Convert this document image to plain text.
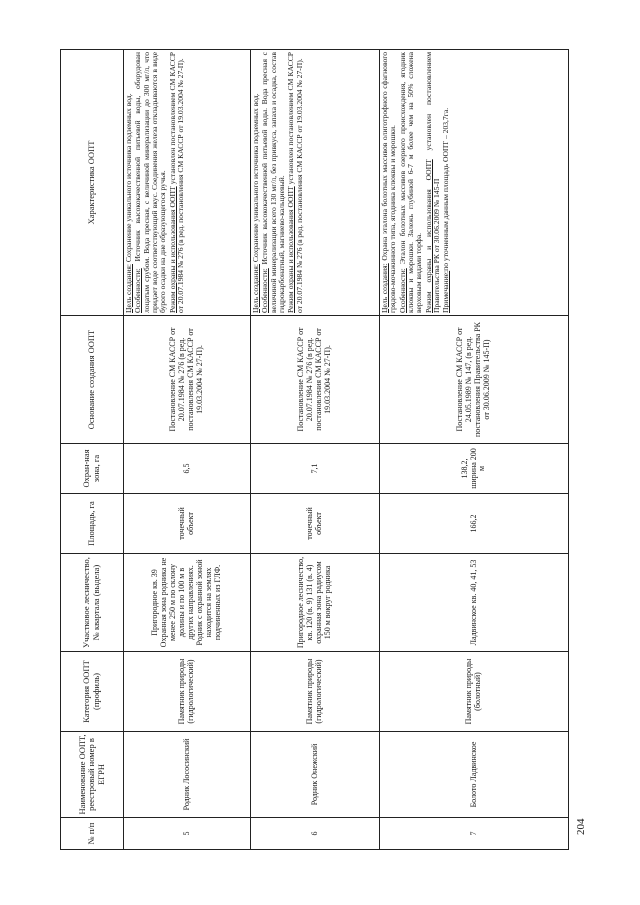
№ п/п	Наименование ООПТ, реестровый номер в ЕГРН	Категория ООПТ (профиль)	Участковое лесничество, № квартала (выдела)	Площадь, га	Охран-ная зона, га	Основание создания ООПТ	Характеристика ООПТ
5	Родник Лососинский	Памятник природы (гидрологический)	Пригородное кв. 39 Охранная зона родника не менее 250 м по склону долины и по 100 м в других направлениях. Родник с охранной зоной находится на землях подчиненных из ГЛФ.	точечный объект	6,5	Постановление СМ КАССР от 20.07.1984 № 276 (в ред. постановления СМ КАССР от 19.03.2004 № 27-П).	Цель создания: Сохранение уникального источника подземных вод.

Особенности: Источник высококачественной питьевой воды, оборудован лоцатым срубом. Вода пресная, с величиной минерализации до 300 мг/л, что придает воде соответствующий вкус. Соединения железа откладываются в виде бурого осадки на дне образующегося ручья. Режим охраны и использования ООПТ установлен постановлением СМ КАССР от 20.07.1984 № 276 (в ред. постановления СМ КАССР от 19.03.2004 № 27-П).

6	Родник Онежский	Памятник природы (гидрологический)	Пригородное лесничество, кв. 120 (в. 9) 131 (в. 4) охранная зона радиусом 150 м вокруг родника	точечный объект	7,1	Постановление СМ КАССР от 20.07.1984 № 276 (в ред. постановления СМ КАССР от 19.03.2004 № 27-П).	Цель создания: Сохранение уникального источника подземных вод.

Особенности: Источник высококачественной питьевой воды. Вода пресная с величиной минерализации всего 130 мг/л, без привкуса, запаха и осадка, состав гидрокарбонатный, магниево-кальциевый. Режим охраны и использования ООПТ установлен постановлением СМ КАССР от 20.07.1984 № 276 (в ред. постановления СМ КАССР от 19.03.2004 № 27-П).

7	Болото Ладвинское	Памятник природы (болотный)	Ладвинское кв. 40, 41, 53	166,2	138,2, ширина 200 м	Постановление СМ КАССР от 24.05.1989 № 147, (в ред. постановления Правительства РК от 30.06.2009 № 145-П)	Цель создания: Охрана эталона болотных массивов олиготрофного сфагнового грядово-мочажинного типа, ягодника клюквы и морошки. Особенности: Эталон болотных массивов озерного происхождения, ягодник клюквы и морошки. Залежь глубиной 6-7 м более чем на 50% сложена верховым видами торфа. Режим охраны и использования ООПТ установлен постановлением Правительства РК от 30.06.2009 № 145-П Примечание:по уточненным данным площадь ООПТ – 203,7га.

204
